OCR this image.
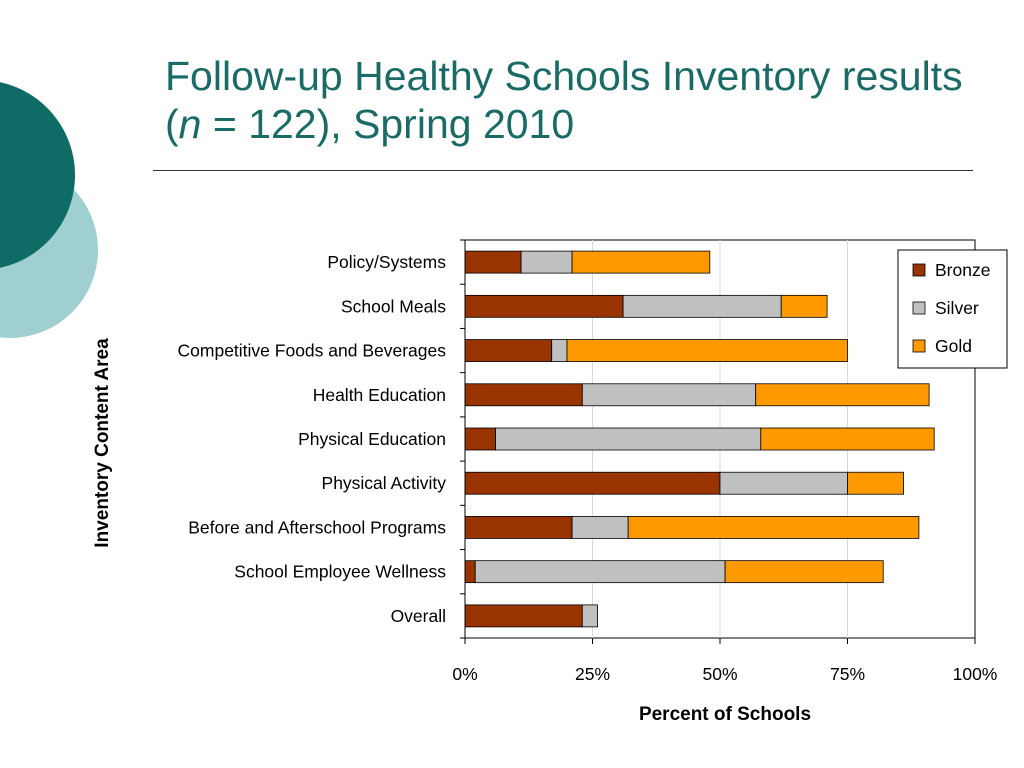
Follow-up Healthy Schools Inventory results (n = 122), Spring 2010
Policy/Systems
School Meals
Competitive Foods and Beverages
Health Education
Physical Education
Physical Activity
Before and Afterschool Programs
School Employee Wellness
Overall
0%	25%	50%	75%	100%
Percent of Schools
Inventory Content Area
Bronze
Silver
Gold
